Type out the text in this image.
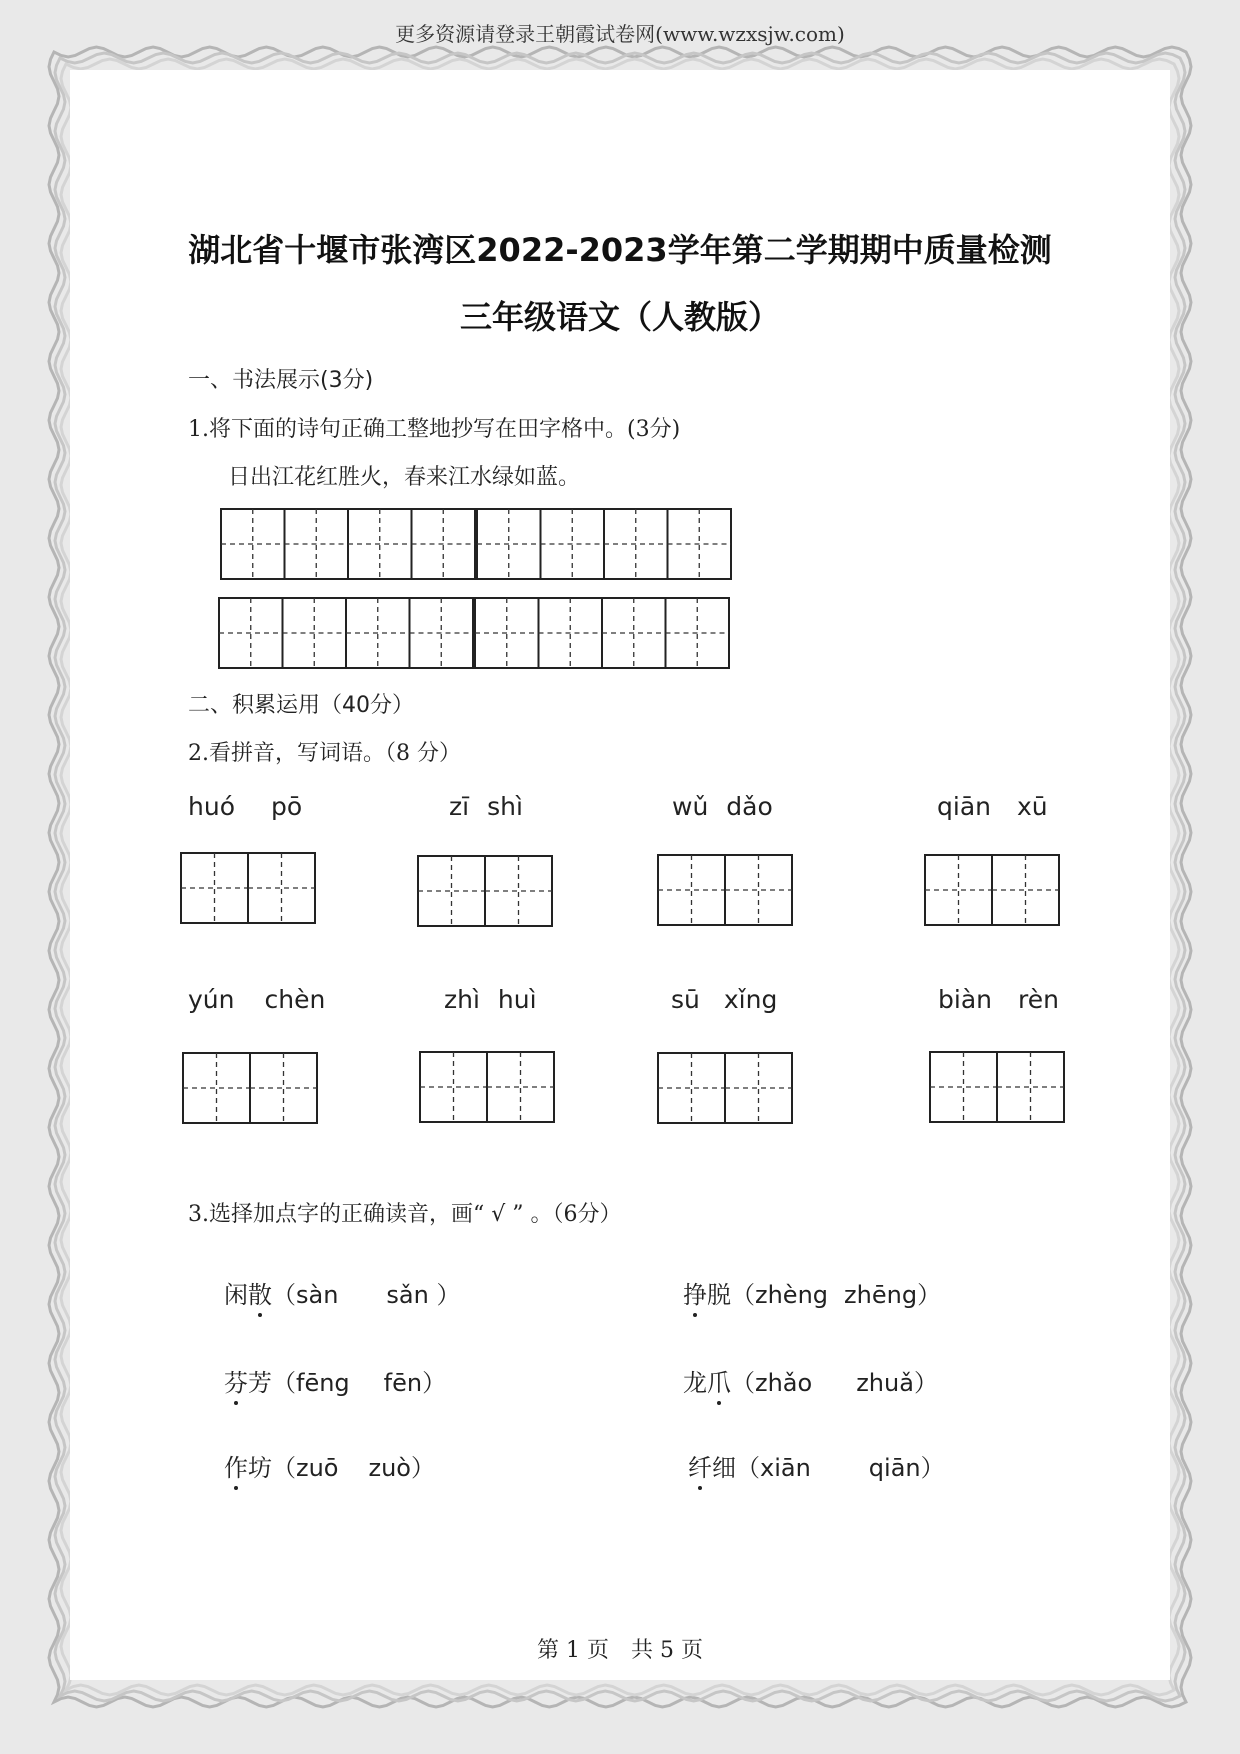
更多资源请登录王朝霞试卷网(www.wzxsjw.com)
湖北省十堰市张湾区2022-2023学年第二学期期中质量检测
三年级语文（人教版）
一、书法展示(3分)
1.将下面的诗句正确工整地抄写在田字格中。(3分)
日出江花红胜火，春来江水绿如蓝。
二、积累运用（40分）
2.看拼音，写词语。（8 分）
huó pō	zī shì	wǔ dǎo	qiān xū
yún chèn	zhì huì	sū xǐng	biàn rèn
3.选择加点字的正确读音，画“ √ ” 。（6分）
闲散（sàn sǎn ）	挣脱（zhèng zhēng）
芬芳（fēng fēn）	龙爪（zhǎo zhuǎ）
作坊（zuō zuò）	纤细（xiān qiān）
第 1 页　共 5 页
